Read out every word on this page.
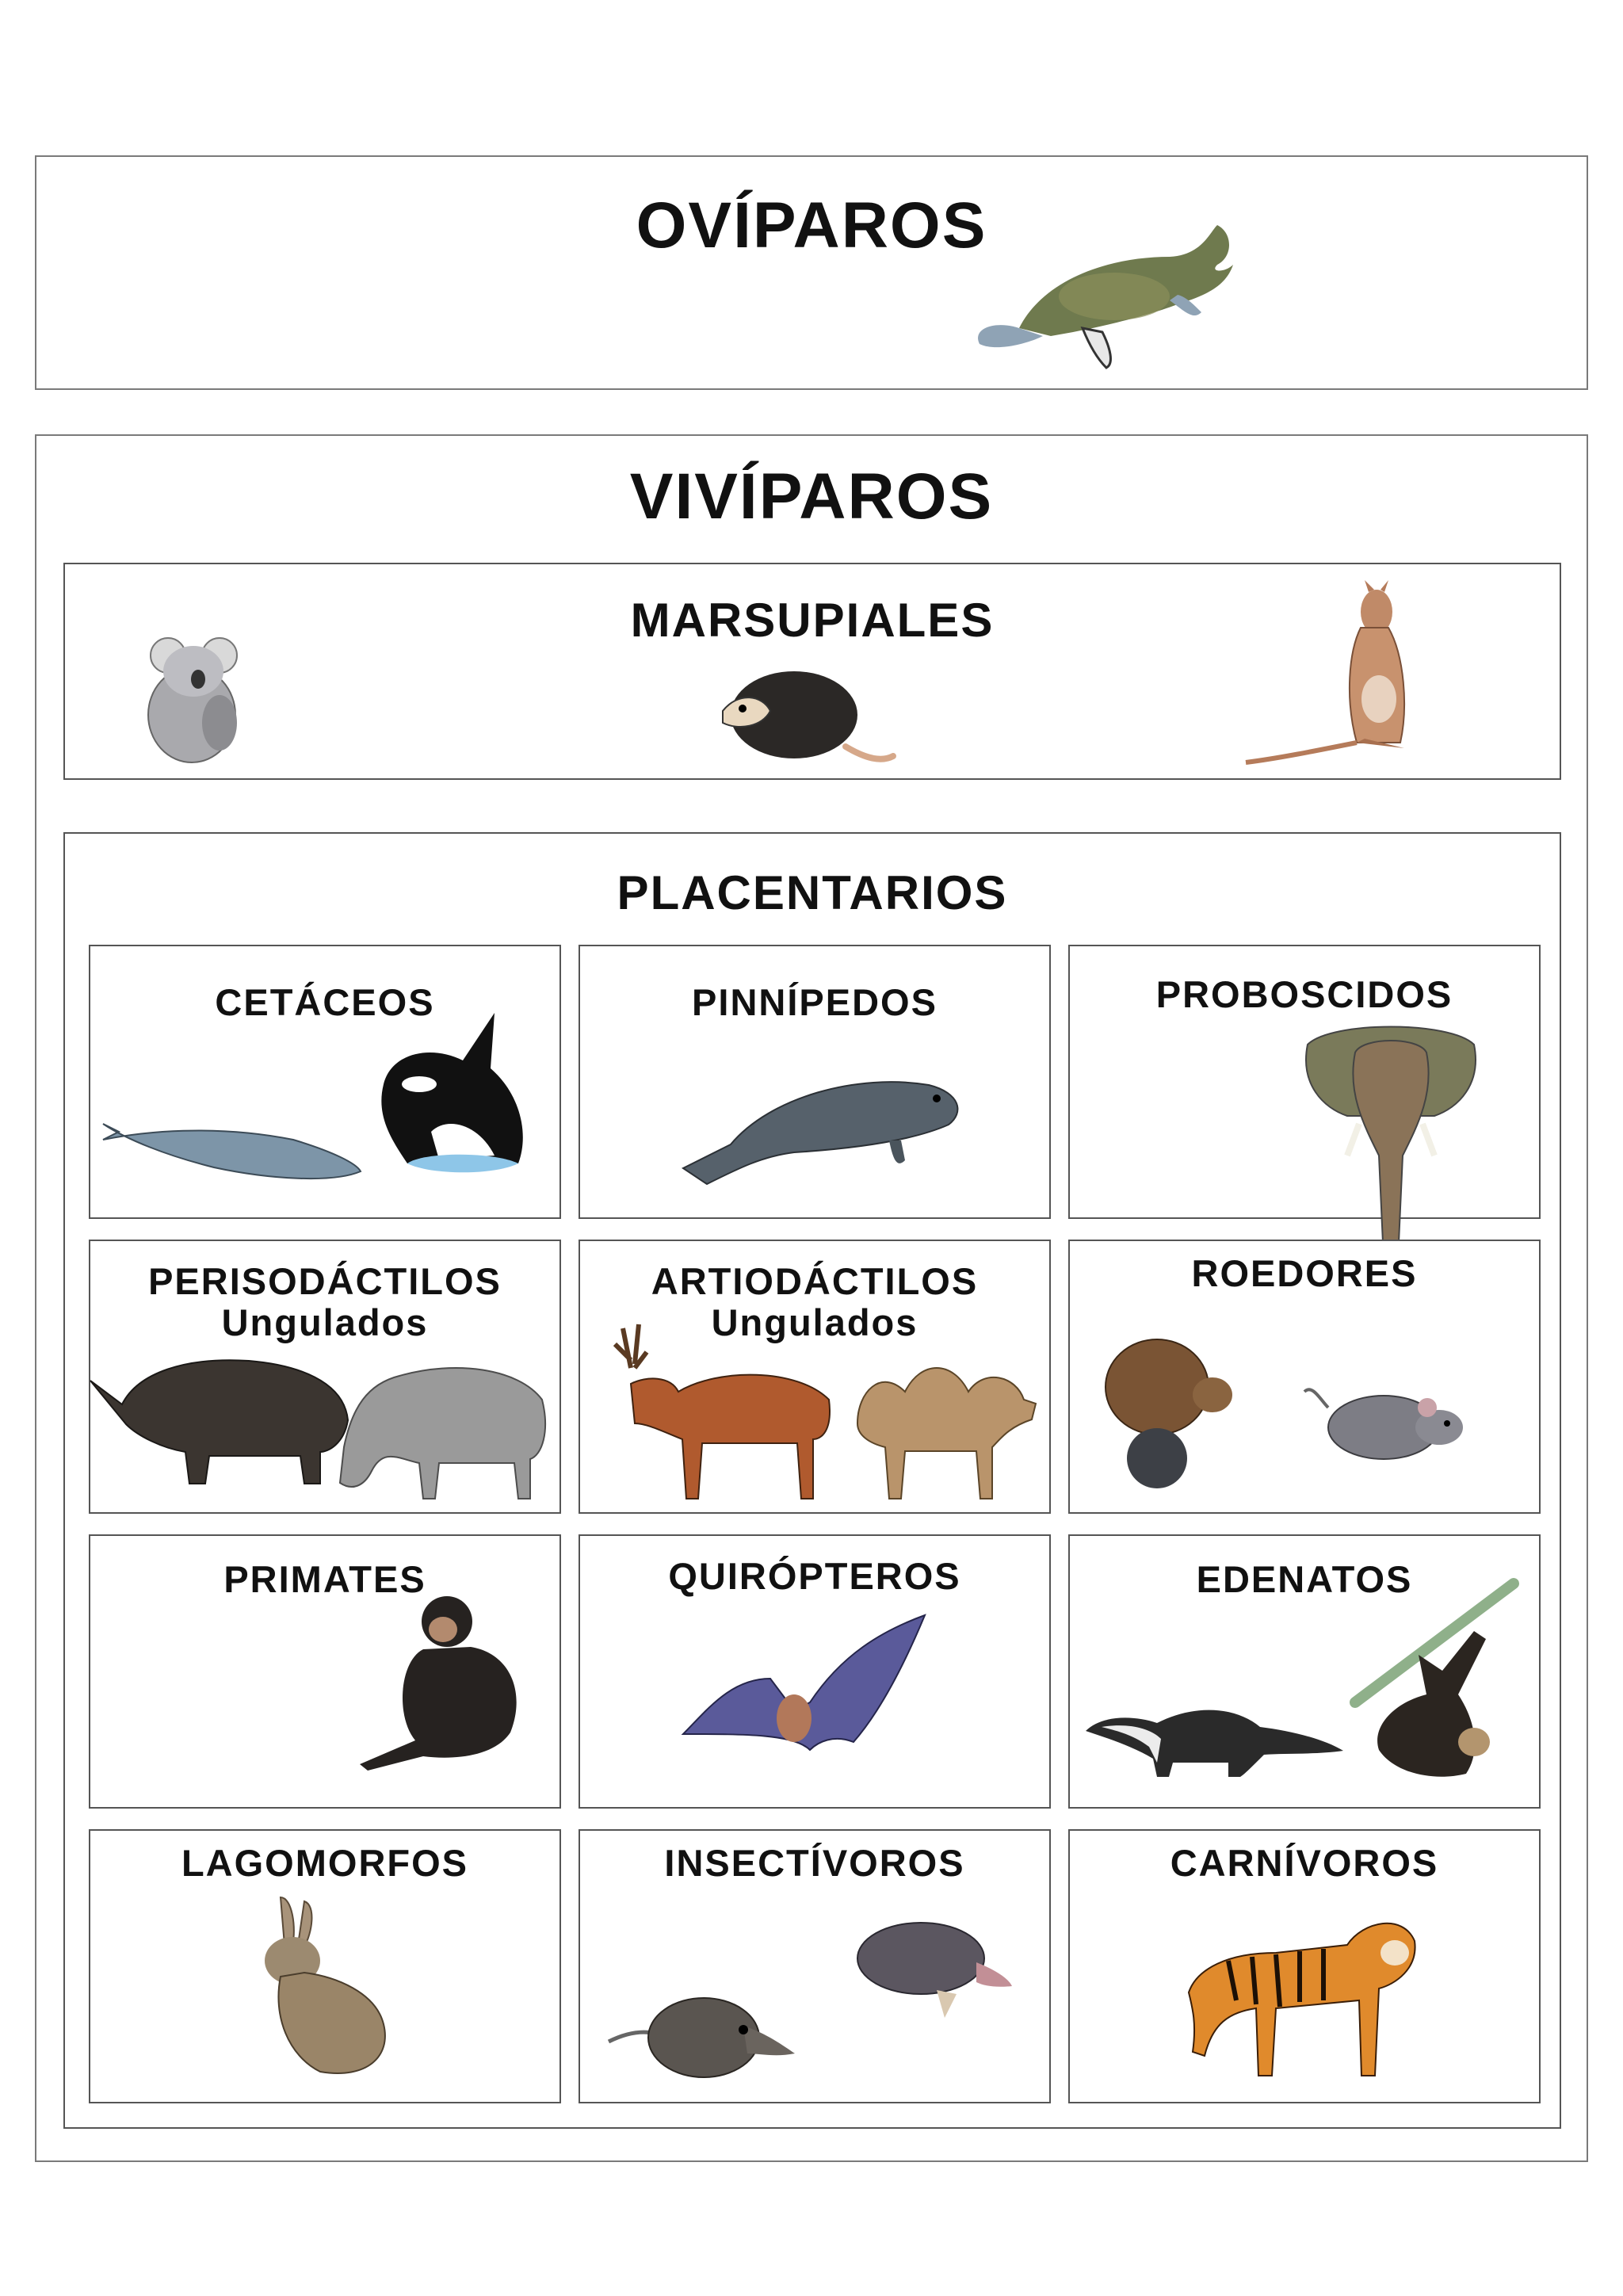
OVÍPAROS
VIVÍPAROS
MARSUPIALES
PLACENTARIOS
CETÁCEOS	PINNÍPEDOS	PROBOSCIDOS
PERISODÁCTILOS
Ungulados
ARTIODÁCTILOS
Ungulados
ROEDORES
PRIMATES	QUIRÓPTEROS	EDENATOS
LAGOMORFOS	INSECTÍVOROS	CARNÍVOROS
